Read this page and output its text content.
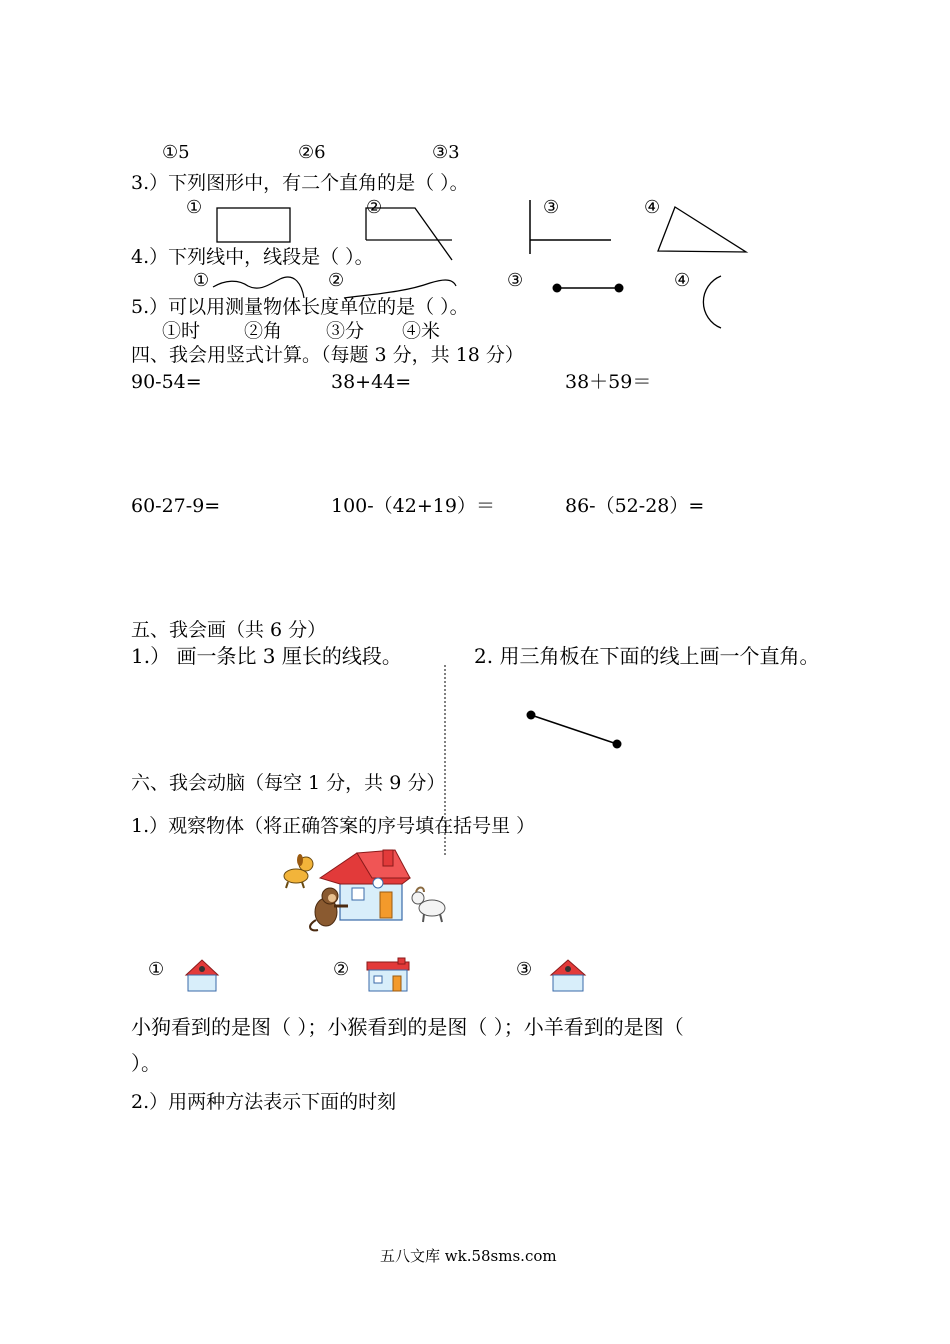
①5	②6	③3
3.）下列图形中，有二个直角的是（ ）。
①	②	③	④
4.）下列线中，线段是（ ）。
①	②	③	④
5.）可以用测量物体长度单位的是（ ）。
①时 ②角 ③分 ④米
四、我会用竖式计算。（每题 3 分，共 18 分）
90-54=	38+44=	38＋59＝
60-27-9=	100-（42+19）＝	86-（52-28）=
五、我会画（共 6 分）
1.） 画一条比 3 厘长的线段。	2. 用三角板在下面的线上画一个直角。
六、我会动脑（每空 1 分，共 9 分）
1.）观察物体（将正确答案的序号填在括号里 ）
①	②	③
小狗看到的是图（ ）；小猴看到的是图（ ）；小羊看到的是图（
）。
2.）用两种方法表示下面的时刻
五八文库 wk.58sms.com
